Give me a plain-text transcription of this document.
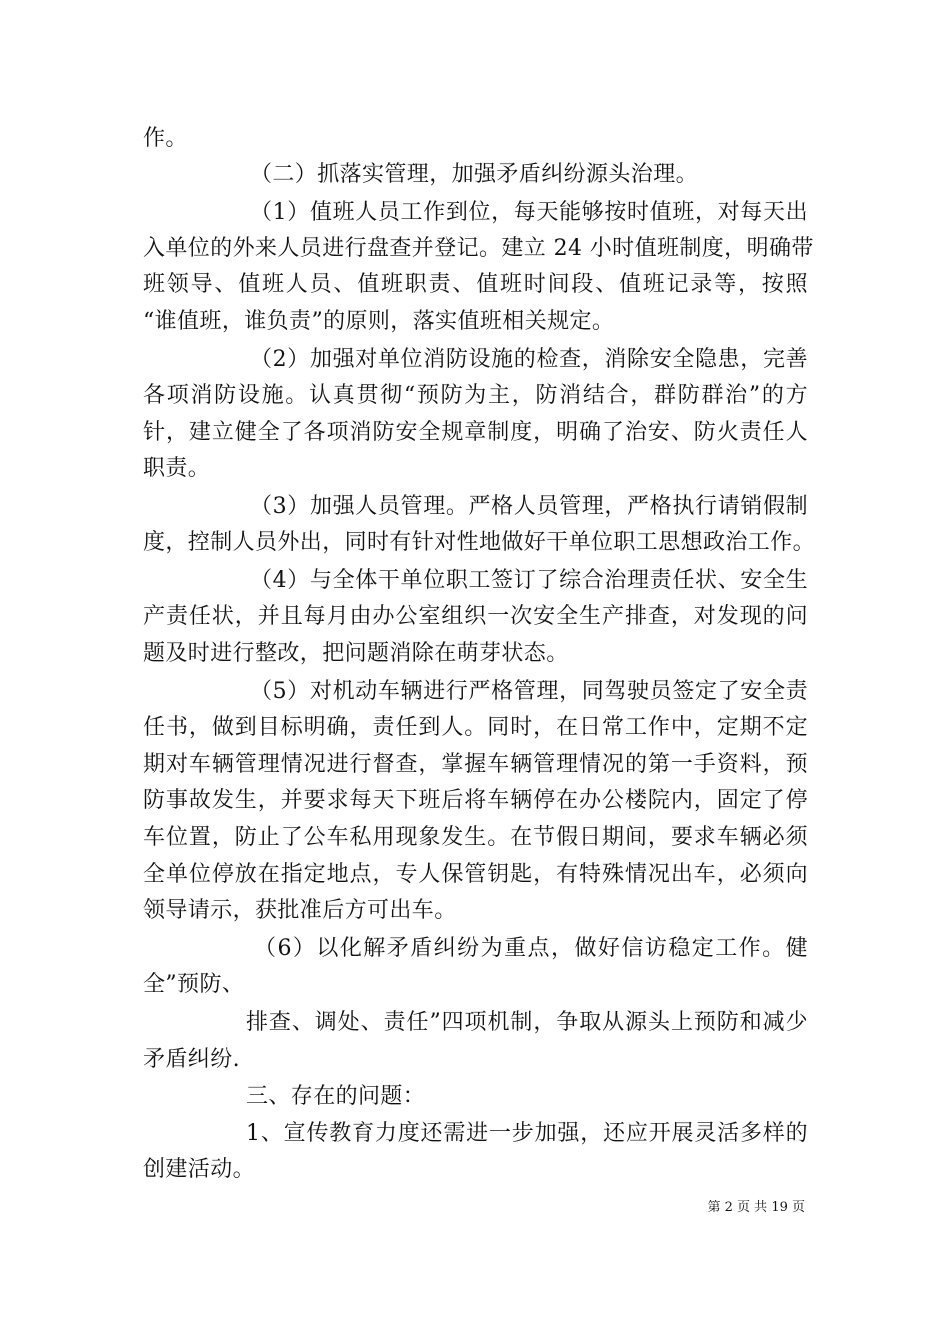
作。
（二）抓落实管理，加强矛盾纠纷源头治理。
（1）值班人员工作到位，每天能够按时值班，对每天出
入单位的外来人员进行盘查并登记。建立 24 小时值班制度，明确带
班领导、值班人员、值班职责、值班时间段、值班记录等，按照
“谁值班，谁负责”的原则，落实值班相关规定。
（2）加强对单位消防设施的检查，消除安全隐患，完善
各项消防设施。认真贯彻“预防为主，防消结合，群防群治”的方
针，建立健全了各项消防安全规章制度，明确了治安、防火责任人
职责。
（3）加强人员管理。严格人员管理，严格执行请销假制
度，控制人员外出，同时有针对性地做好干单位职工思想政治工作。
（4）与全体干单位职工签订了综合治理责任状、安全生
产责任状，并且每月由办公室组织一次安全生产排查，对发现的问
题及时进行整改，把问题消除在萌芽状态。
（5）对机动车辆进行严格管理，同驾驶员签定了安全责
任书，做到目标明确，责任到人。同时，在日常工作中，定期不定
期对车辆管理情况进行督查，掌握车辆管理情况的第一手资料，预
防事故发生，并要求每天下班后将车辆停在办公楼院内，固定了停
车位置，防止了公车私用现象发生。在节假日期间，要求车辆必须
全单位停放在指定地点，专人保管钥匙，有特殊情况出车，必须向
领导请示，获批准后方可出车。
（6）以化解矛盾纠纷为重点，做好信访稳定工作。健
全”预防、
排查、调处、责任”四项机制，争取从源头上预防和减少
矛盾纠纷.
三、存在的问题：
1、宣传教育力度还需进一步加强，还应开展灵活多样的
创建活动。
第 2 页 共 19 页
